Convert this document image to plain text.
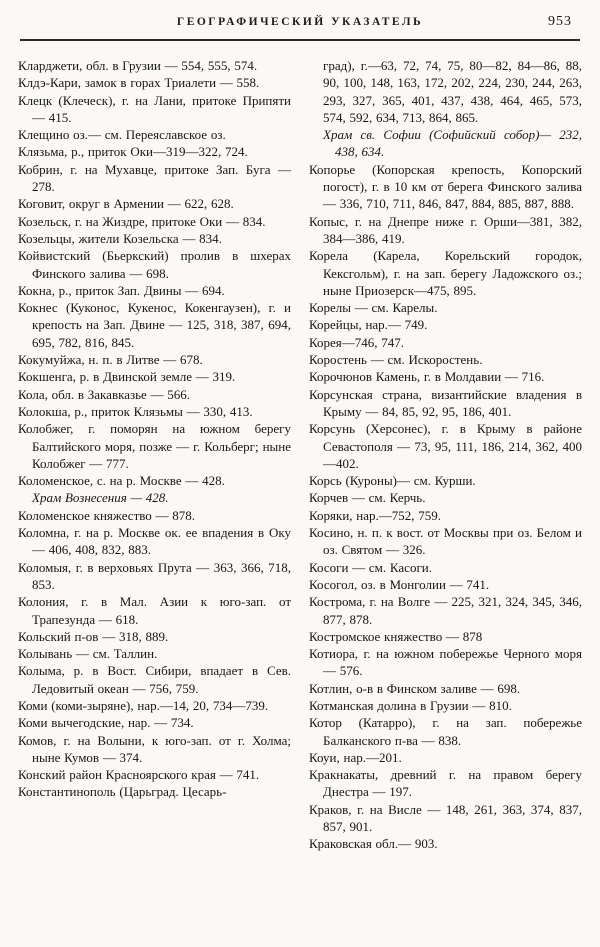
ГЕОГРАФИЧЕСКИЙ УКАЗАТЕЛЬ	953

Кларджети, обл. в Грузии — 554, 555, 574.

Клдэ-Кари, замок в горах Триалети — 558.

Клецк (Клеческ), г. на Лани, притоке Припяти — 415.

Клещино оз.— см. Переяславское оз.

Клязьма, р., приток Оки—319—322, 724.

Кобрин, г. на Мухавце, притоке Зап. Буга — 278.

Коговит, округ в Армении — 622, 628.

Козельск, г. на Жиздре, притоке Оки — 834.

Козельцы, жители Козельска — 834.

Койвистский (Бьеркский) пролив в шхерах Финского залива — 698.

Кокна, р., приток Зап. Двины — 694.

Кокнес (Куконос, Кукенос, Кокенгаузен), г. и крепость на Зап. Двине — 125, 318, 387, 694, 695, 782, 816, 845.

Кокумуйжа, н. п. в Литве — 678.

Кокшенга, р. в Двинской земле — 319.

Кола, обл. в Закавказье — 566.

Колокша, р., приток Клязьмы — 330, 413.

Колобжег, г. поморян на южном берегу Балтийского моря, позже — г. Кольберг; ныне Колобжег — 777.

Коломенское, с. на р. Москве — 428.

Храм Вознесения — 428.

Коломенское княжество — 878.

Коломна, г. на р. Москве ок. ее впадения в Оку — 406, 408, 832, 883.

Коломыя, г. в верховьях Прута — 363, 366, 718, 853.

Колония, г. в Мал. Азии к юго-зап. от Трапезунда — 618.

Кольский п-ов — 318, 889.

Колывань — см. Таллин.

Колыма, р. в Вост. Сибири, впадает в Сев. Ледовитый океан — 756, 759.

Коми (коми-зыряне), нар.—14, 20, 734—739.

Коми вычегодские, нар. — 734.

Комов, г. на Волыни, к юго-зап. от г. Холма; ныне Кумов — 374.

Конский район Красноярского края — 741.

Константинополь (Царьград. Цесарь-

град), г.—63, 72, 74, 75, 80—82, 84—86, 88, 90, 100, 148, 163, 172, 202, 224, 230, 244, 263, 293, 327, 365, 401, 437, 438, 464, 465, 573, 574, 592, 634, 713, 864, 865.

Храм св. Софии (Софийский собор)— 232, 438, 634.

Копорье (Копорская крепость, Копорский погост), г. в 10 км от берега Финского залива — 336, 710, 711, 846, 847, 884, 885, 887, 888.

Копыс, г. на Днепре ниже г. Орши—381, 382, 384—386, 419.

Корела (Карела, Корельский городок, Кексгольм), г. на зап. берегу Ладожского оз.; ныне Приозерск—475, 895.

Корелы — см. Карелы.

Корейцы, нар.— 749.

Корея—746, 747.

Коростень — см. Искоростень.

Корочюнов Камень, г. в Молдавии — 716.

Корсунская страна, византийские владения в Крыму — 84, 85, 92, 95, 186, 401.

Корсунь (Херсонес), г. в Крыму в районе Севастополя — 73, 95, 111, 186, 214, 362, 400—402.

Корсь (Куроны)— см. Курши.

Корчев — см. Керчь.

Коряки, нар.—752, 759.

Косино, н. п. к вост. от Москвы при оз. Белом и оз. Святом — 326.

Косоги — см. Касоги.

Косогол, оз. в Монголии — 741.

Кострома, г. на Волге — 225, 321, 324, 345, 346, 877, 878.

Костромское княжество — 878

Котиора, г. на южном побережье Черного моря — 576.

Котлин, о-в в Финском заливе — 698.

Котманская долина в Грузии — 810.

Котор (Катарро), г. на зап. побережье Балканского п-ва — 838.

Коуи, нар.—201.

Кракнакаты, древний г. на правом берегу Днестра — 197.

Краков, г. на Висле — 148, 261, 363, 374, 837, 857, 901.

Краковская обл.— 903.
